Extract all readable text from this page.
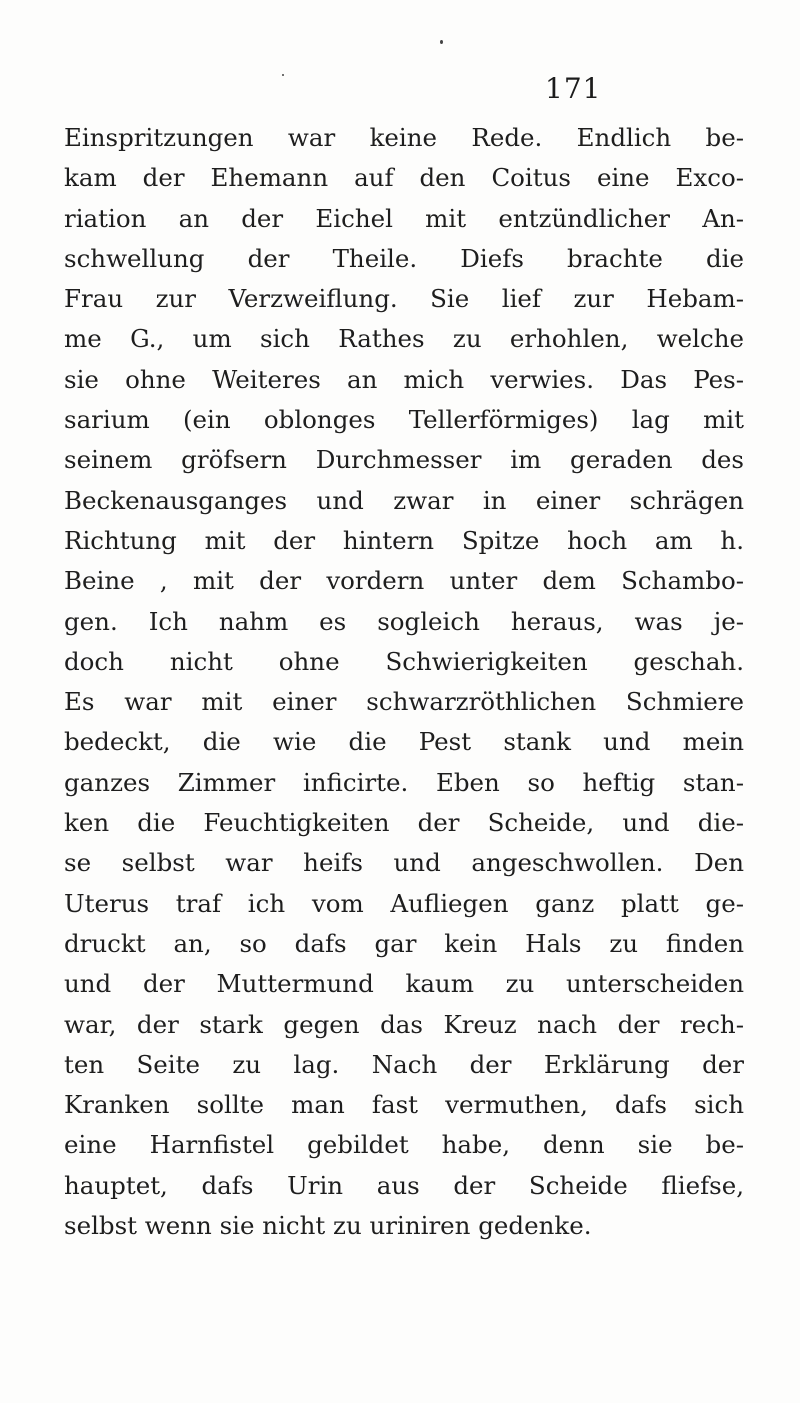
171
Einspritzungen war keine Rede. Endlich be-
kam der Ehemann auf den Coitus eine Exco-
riation an der Eichel mit entzündlicher An-
schwellung der Theile. Diefs brachte die
Frau zur Verzweiflung. Sie lief zur Hebam-
me G., um sich Rathes zu erhohlen, welche
sie ohne Weiteres an mich verwies. Das Pes-
sarium (ein oblonges Tellerförmiges) lag mit
seinem gröfsern Durchmesser im geraden des
Beckenausganges und zwar in einer schrägen
Richtung mit der hintern Spitze hoch am h.
Beine , mit der vordern unter dem Schambo-
gen. Ich nahm es sogleich heraus, was je-
doch nicht ohne Schwierigkeiten geschah.
Es war mit einer schwarzröthlichen Schmiere
bedeckt, die wie die Pest stank und mein
ganzes Zimmer inficirte. Eben so heftig stan-
ken die Feuchtigkeiten der Scheide, und die-
se selbst war heifs und angeschwollen. Den
Uterus traf ich vom Aufliegen ganz platt ge-
druckt an, so dafs gar kein Hals zu finden
und der Muttermund kaum zu unterscheiden
war, der stark gegen das Kreuz nach der rech-
ten Seite zu lag. Nach der Erklärung der
Kranken sollte man fast vermuthen, dafs sich
eine Harnfistel gebildet habe, denn sie be-
hauptet, dafs Urin aus der Scheide fliefse,
selbst wenn sie nicht zu uriniren gedenke.
